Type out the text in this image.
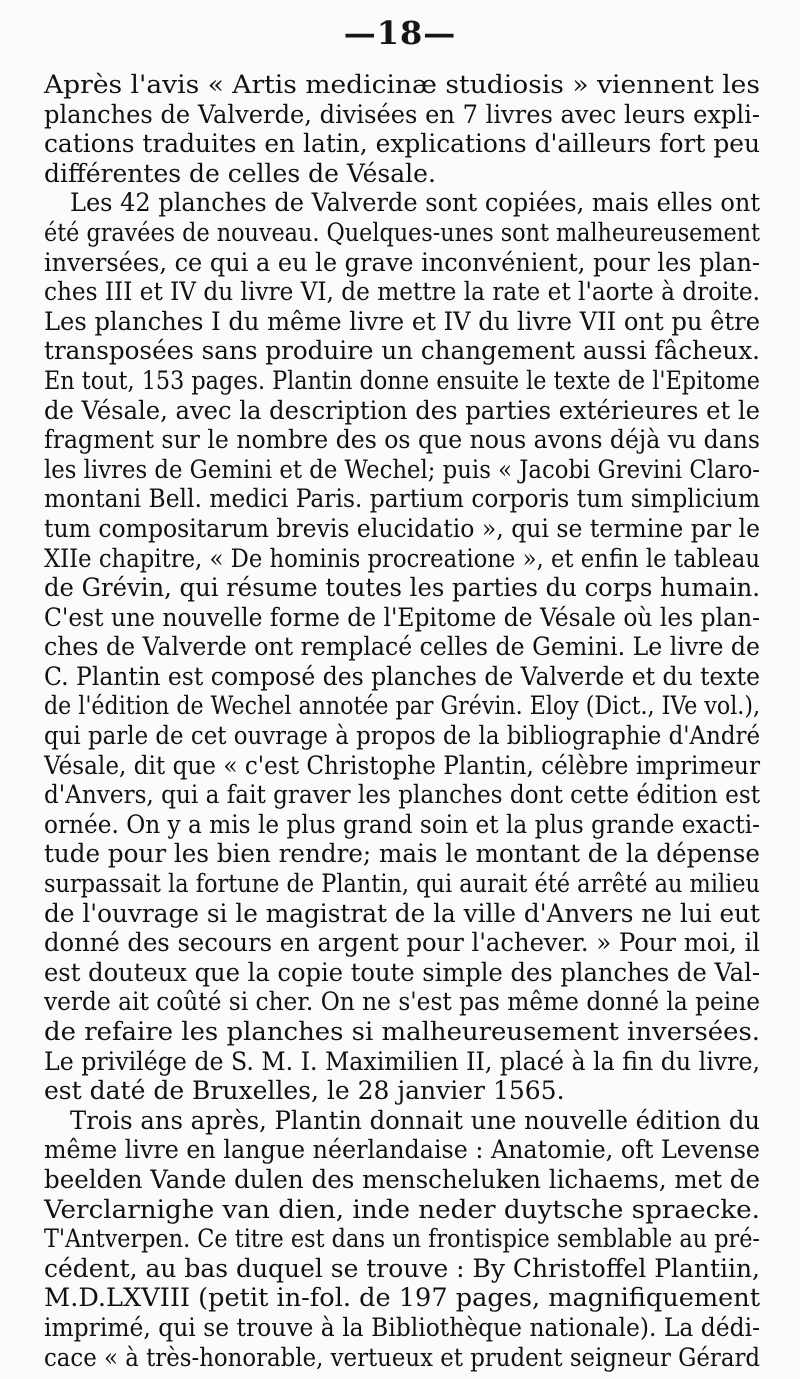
—18—
Après l'avis « Artis medicinæ studiosis » viennent les
planches de Valverde, divisées en 7 livres avec leurs expli-
cations traduites en latin, explications d'ailleurs fort peu
différentes de celles de Vésale.
Les 42 planches de Valverde sont copiées, mais elles ont
été gravées de nouveau. Quelques-unes sont malheureusement
inversées, ce qui a eu le grave inconvénient, pour les plan-
ches III et IV du livre VI, de mettre la rate et l'aorte à droite.
Les planches I du même livre et IV du livre VII ont pu être
transposées sans produire un changement aussi fâcheux.
En tout, 153 pages. Plantin donne ensuite le texte de l'Epitome
de Vésale, avec la description des parties extérieures et le
fragment sur le nombre des os que nous avons déjà vu dans
les livres de Gemini et de Wechel; puis « Jacobi Grevini Claro-
montani Bell. medici Paris. partium corporis tum simplicium
tum compositarum brevis elucidatio », qui se termine par le
XIIe chapitre, « De hominis procreatione », et enfin le tableau
de Grévin, qui résume toutes les parties du corps humain.
C'est une nouvelle forme de l'Epitome de Vésale où les plan-
ches de Valverde ont remplacé celles de Gemini. Le livre de
C. Plantin est composé des planches de Valverde et du texte
de l'édition de Wechel annotée par Grévin. Eloy (Dict., IVe vol.),
qui parle de cet ouvrage à propos de la bibliographie d'André
Vésale, dit que « c'est Christophe Plantin, célèbre imprimeur
d'Anvers, qui a fait graver les planches dont cette édition est
ornée. On y a mis le plus grand soin et la plus grande exacti-
tude pour les bien rendre; mais le montant de la dépense
surpassait la fortune de Plantin, qui aurait été arrêté au milieu
de l'ouvrage si le magistrat de la ville d'Anvers ne lui eut
donné des secours en argent pour l'achever. » Pour moi, il
est douteux que la copie toute simple des planches de Val-
verde ait coûté si cher. On ne s'est pas même donné la peine
de refaire les planches si malheureusement inversées.
Le privilége de S. M. I. Maximilien II, placé à la fin du livre,
est daté de Bruxelles, le 28 janvier 1565.
Trois ans après, Plantin donnait une nouvelle édition du
même livre en langue néerlandaise : Anatomie, oft Levense
beelden Vande dulen des menscheluken lichaems, met de
Verclarnighe van dien, inde neder duytsche spraecke.
T'Antverpen. Ce titre est dans un frontispice semblable au pré-
cédent, au bas duquel se trouve : By Christoffel Plantiin,
M.D.LXVIII (petit in-fol. de 197 pages, magnifiquement
imprimé, qui se trouve à la Bibliothèque nationale). La dédi-
cace « à très-honorable, vertueux et prudent seigneur Gérard
